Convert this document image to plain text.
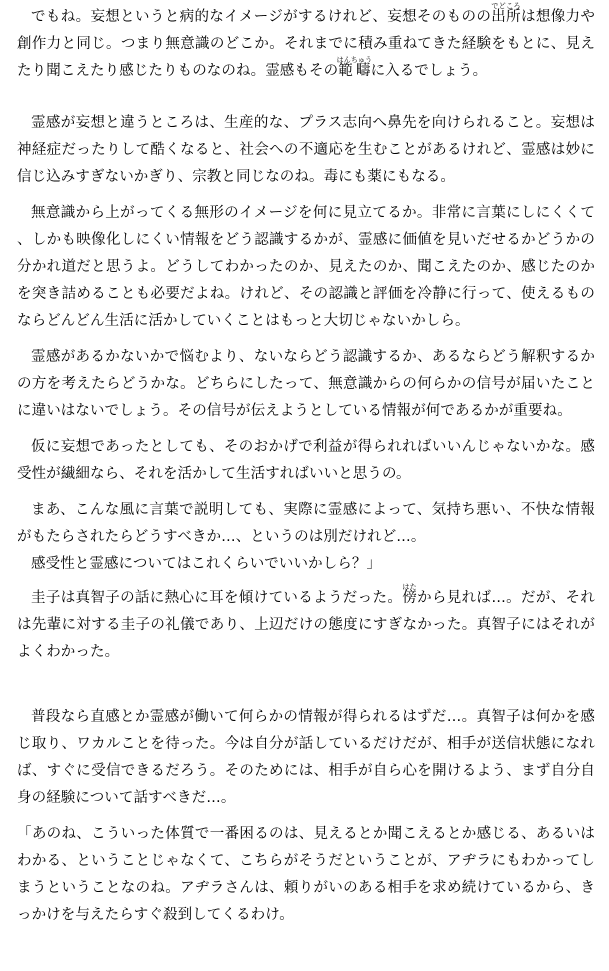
でもね。妄想というと病的なイメージがするけれど、妄想そのものの出所でどころは想像力や創作力と同じ。つまり無意識のどこか。それまでに積み重ねてきた経験をもとに、見えたり聞こえたり感じたりものなのね。霊感もその範疇はんちゅうに入るでしょう。

霊感が妄想と違うところは、生産的な、プラス志向へ鼻先を向けられること。妄想は神経症だったりして酷くなると、社会への不適応を生むことがあるけれど、霊感は妙に信じ込みすぎないかぎり、宗教と同じなのね。毒にも薬にもなる。

無意識から上がってくる無形のイメージを何に見立てるか。非常に言葉にしにくくて、しかも映像化しにくい情報をどう認識するかが、霊感に価値を見いだせるかどうかの分かれ道だと思うよ。どうしてわかったのか、見えたのか、聞こえたのか、感じたのかを突き詰めることも必要だよね。けれど、その認識と評価を冷静に行って、使えるものならどんどん生活に活かしていくことはもっと大切じゃないかしら。

霊感があるかないかで悩むより、ないならどう認識するか、あるならどう解釈するかの方を考えたらどうかな。どちらにしたって、無意識からの何らかの信号が届いたことに違いはないでしょう。その信号が伝えようとしている情報が何であるかが重要ね。

仮に妄想であったとしても、そのおかげで利益が得られればいいんじゃないかな。感受性が繊細なら、それを活かして生活すればいいと思うの。

まあ、こんな風に言葉で説明しても、実際に霊感によって、気持ち悪い、不快な情報がもたらされたらどうすべきか…、というのは別だけれど…。

感受性と霊感についてはこれくらいでいいかしら？」

圭子は真智子の話に熱心に耳を傾けているようだった。傍はたから見れば…。だが、それは先輩に対する圭子の礼儀であり、上辺だけの態度にすぎなかった。真智子にはそれがよくわかった。

普段なら直感とか霊感が働いて何らかの情報が得られるはずだ…。真智子は何かを感じ取り、ワカルことを待った。今は自分が話しているだけだが、相手が送信状態になれば、すぐに受信できるだろう。そのためには、相手が自ら心を開けるよう、まず自分自身の経験について話すべきだ…。

「あのね、こういった体質で一番困るのは、見えるとか聞こえるとか感じる、あるいはわかる、ということじゃなくて、こちらがそうだということが、アヂラにもわかってしまうということなのね。アヂラさんは、頼りがいのある相手を求め続けているから、きっかけを与えたらすぐ殺到してくるわけ。
